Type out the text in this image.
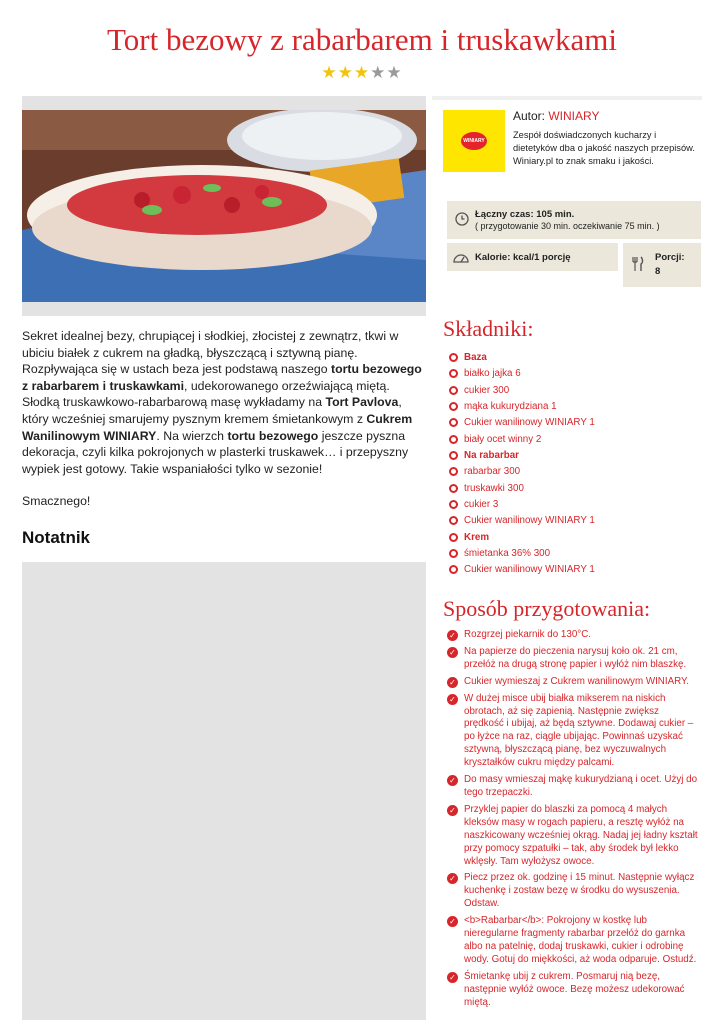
Tort bezowy z rabarbarem i truskawkami
★★★★★

Sekret idealnej bezy, chrupiącej i słodkiej, złocistej z zewnątrz, tkwi w ubiciu białek z cukrem na gładką, błyszczącą i sztywną pianę. Rozpływająca się w ustach beza jest podstawą naszego tortu bezowego z rabarbarem i truskawkami, udekorowanego orzeźwiającą miętą. Słodką truskawkowo-rabarbarową masę wykładamy na Tort Pavlova, który wcześniej smarujemy pysznym kremem śmietankowym z Cukrem Wanilinowym WINIARY. Na wierzch tortu bezowego jeszcze pyszna dekoracja, czyli kilka pokrojonych w plasterki truskawek… i przepyszny wypiek jest gotowy. Takie wspaniałości tylko w sezonie!

Smacznego!

Notatnik
WINIARY
Autor: WINIARY
Zespół doświadczonych kucharzy i dietetyków dba o jakość naszych przepisów. Winiary.pl to znak smaku i jakości.
Łączny czas: 105 min.
( przygotowanie 30 min. oczekiwanie 75 min. )
Kalorie: kcal/1 porcję	Porcji:
8
Składniki:
Baza
białko jajka 6
cukier 300
mąka kukurydziana 1
Cukier wanilinowy WINIARY 1
biały ocet winny 2
Na rabarbar
rabarbar 300
truskawki 300
cukier 3
Cukier wanilinowy WINIARY 1
Krem
śmietanka 36% 300
Cukier wanilinowy WINIARY 1
Sposób przygotowania:
✓ Rozgrzej piekarnik do 130°C.
✓ Na papierze do pieczenia narysuj koło ok. 21 cm, przełóż na drugą stronę papier i wyłóż nim blaszkę.
✓ Cukier wymieszaj z Cukrem wanilinowym WINIARY.
✓ W dużej misce ubij białka mikserem na niskich obrotach, aż się zapienią. Następnie zwiększ prędkość i ubijaj, aż będą sztywne. Dodawaj cukier – po łyżce na raz, ciągle ubijając. Powinnaś uzyskać sztywną, błyszczącą pianę, bez wyczuwalnych kryształków cukru między palcami.
✓ Do masy wmieszaj mąkę kukurydzianą i ocet. Użyj do tego trzepaczki.
✓ Przyklej papier do blaszki za pomocą 4 małych kleksów masy w rogach papieru, a resztę wyłóż na naszkicowany wcześniej okrąg. Nadaj jej ładny kształt przy pomocy szpatułki – tak, aby środek był lekko wklęsły. Tam wyłożysz owoce.
✓ Piecz przez ok. godzinę i 15 minut. Następnie wyłącz kuchenkę i zostaw bezę w środku do wysuszenia. Odstaw.
✓ <b>Rabarbar</b>: Pokrojony w kostkę lub nieregularne fragmenty rabarbar przełóż do garnka albo na patelnię, dodaj truskawki, cukier i odrobinę wody. Gotuj do miękkości, aż woda odparuje. Ostudź.
✓ Śmietankę ubij z cukrem. Posmaruj nią bezę, następnie wyłóż owoce. Bezę możesz udekorować miętą.
